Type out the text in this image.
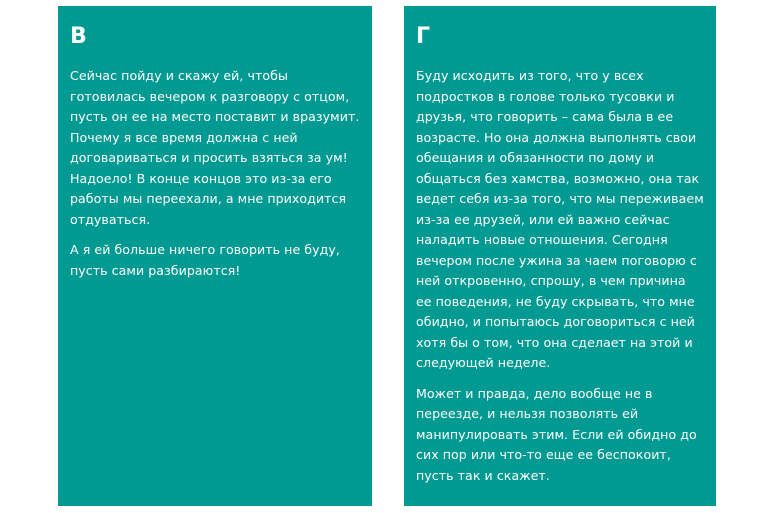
В

Сейчас пойду и скажу ей, чтобы готовилась вечером к разговору с отцом, пусть он ее на место поставит и вразумит. Почему я все время должна с ней договариваться и просить взяться за ум! Надоело! В конце концов это из-за его работы мы переехали, а мне приходится отдуваться.

А я ей больше ничего говорить не буду, пусть сами разбираются!

Г

Буду исходить из того, что у всех подростков в голове только тусовки и друзья, что говорить – сама была в ее возрасте. Но она должна выполнять свои обещания и обязанности по дому и общаться без хамства, возможно, она так ведет себя из-за того, что мы переживаем из-за ее друзей, или ей важно сейчас наладить новые отношения. Сегодня вечером после ужина за чаем поговорю с ней откровенно, спрошу, в чем причина ее поведения, не буду скрывать, что мне обидно, и попытаюсь договориться с ней хотя бы о том, что она сделает на этой и следующей неделе.

Может и правда, дело вообще не в переезде, и нельзя позволять ей манипулировать этим. Если ей обидно до сих пор или что-то еще ее беспокоит, пусть так и скажет.
